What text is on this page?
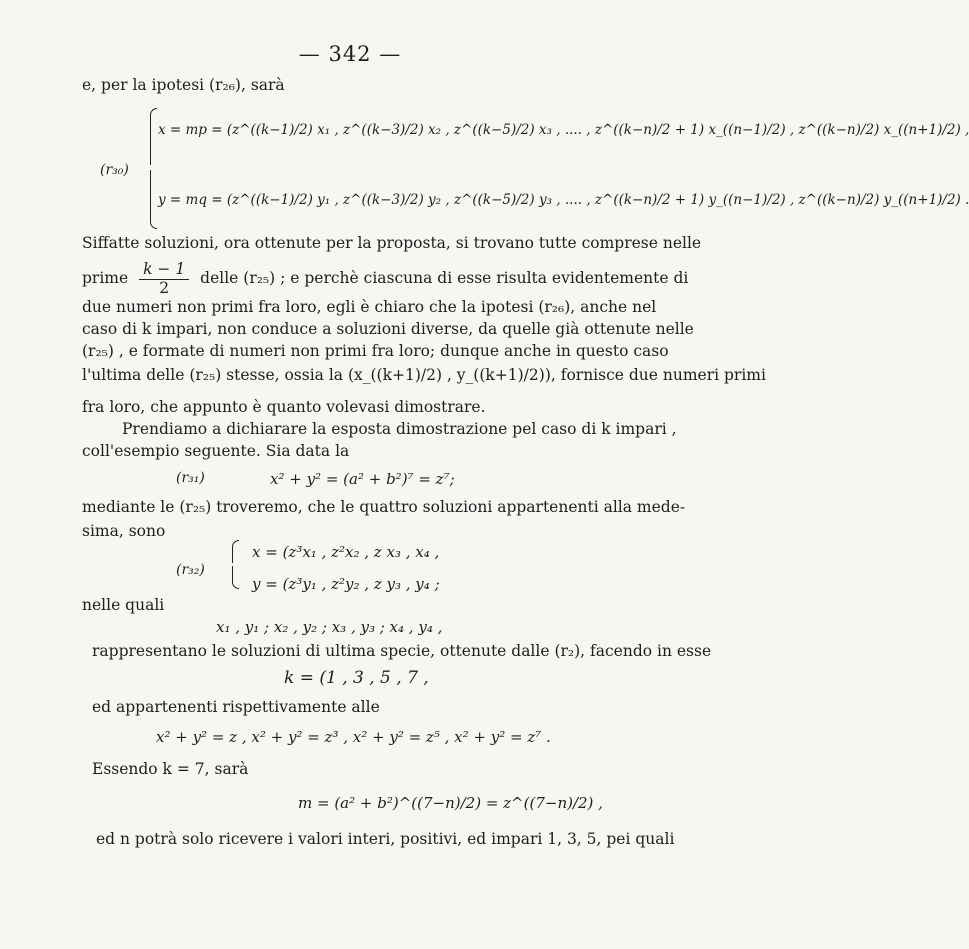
— 342 —
e, per la ipotesi (r₂₆), sarà
(r₃₀)
x = mp = (z^((k−1)/2) x₁ , z^((k−3)/2) x₂ , z^((k−5)/2) x₃ , .... , z^((k−n)/2 + 1) x_((n−1)/2) , z^((k−n)/2) x_((n+1)/2) ,
y = mq = (z^((k−1)/2) y₁ , z^((k−3)/2) y₂ , z^((k−5)/2) y₃ , .... , z^((k−n)/2 + 1) y_((n−1)/2) , z^((k−n)/2) y_((n+1)/2) .
Siffatte soluzioni, ora ottenute per la proposta, si trovano tutte comprese nelle
prime $\frac{k - 1}{2}$ delle (r₂₅) ; e perchè ciascuna di esse risulta evidentemente di
due numeri non primi fra loro, egli è chiaro che la ipotesi (r₂₆), anche nel
caso di k impari, non conduce a soluzioni diverse, da quelle già ottenute nelle
(r₂₅) , e formate di numeri non primi fra loro; dunque anche in questo caso
l'ultima delle (r₂₅) stesse, ossia la (x_((k+1)/2) , y_((k+1)/2)), fornisce due numeri primi
fra loro, che appunto è quanto volevasi dimostrare.
Prendiamo a dichiarare la esposta dimostrazione pel caso di k impari ,
coll'esempio seguente. Sia data la
(r₃₁)	x² + y² = (a² + b²)⁷ = z⁷;
mediante le (r₂₅) troveremo, che le quattro soluzioni appartenenti alla mede-
sima, sono
(r₃₂)
x = (z³x₁ , z²x₂ , z x₃ , x₄ ,
y = (z³y₁ , z²y₂ , z y₃ , y₄ ;
nelle quali
x₁ , y₁ ; x₂ , y₂ ; x₃ , y₃ ; x₄ , y₄ ,
rappresentano le soluzioni di ultima specie, ottenute dalle (r₂), facendo in esse
k = (1 , 3 , 5 , 7 ,
ed appartenenti rispettivamente alle
x² + y² = z , x² + y² = z³ , x² + y² = z⁵ , x² + y² = z⁷ .
Essendo k = 7, sarà
m = (a² + b²)^((7−n)/2) = z^((7−n)/2) ,
ed n potrà solo ricevere i valori interi, positivi, ed impari 1, 3, 5, pei quali
